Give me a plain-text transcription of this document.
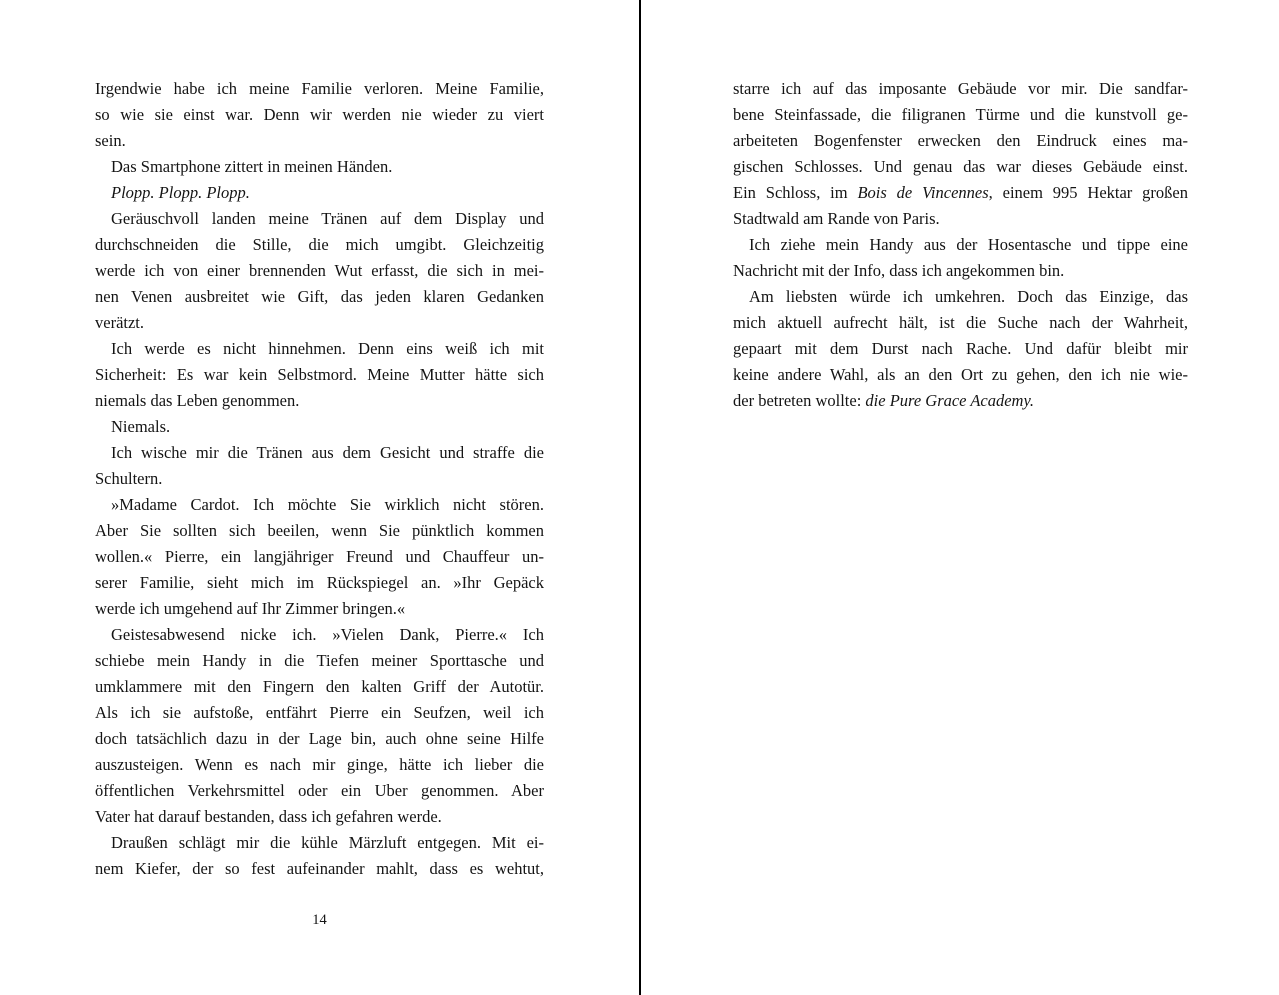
Irgendwie habe ich meine Familie verloren. Meine Familie,
so wie sie einst war. Denn wir werden nie wieder zu viert
sein.
Das Smartphone zittert in meinen Händen.
Plopp. Plopp. Plopp.
Geräuschvoll landen meine Tränen auf dem Display und
durchschneiden die Stille, die mich umgibt. Gleichzeitig
werde ich von einer brennenden Wut erfasst, die sich in mei-
nen Venen ausbreitet wie Gift, das jeden klaren Gedanken
verätzt.
Ich werde es nicht hinnehmen. Denn eins weiß ich mit
Sicherheit: Es war kein Selbstmord. Meine Mutter hätte sich
niemals das Leben genommen.
Niemals.
Ich wische mir die Tränen aus dem Gesicht und straffe die
Schultern.
»Madame Cardot. Ich möchte Sie wirklich nicht stören.
Aber Sie sollten sich beeilen, wenn Sie pünktlich kommen
wollen.« Pierre, ein langjähriger Freund und Chauffeur un-
serer Familie, sieht mich im Rückspiegel an. »Ihr Gepäck
werde ich umgehend auf Ihr Zimmer bringen.«
Geistesabwesend nicke ich. »Vielen Dank, Pierre.« Ich
schiebe mein Handy in die Tiefen meiner Sporttasche und
umklammere mit den Fingern den kalten Griff der Autotür.
Als ich sie aufstoße, entfährt Pierre ein Seufzen, weil ich
doch tatsächlich dazu in der Lage bin, auch ohne seine Hilfe
auszusteigen. Wenn es nach mir ginge, hätte ich lieber die
öffentlichen Verkehrsmittel oder ein Uber genommen. Aber
Vater hat darauf bestanden, dass ich gefahren werde.
Draußen schlägt mir die kühle Märzluft entgegen. Mit ei-
nem Kiefer, der so fest aufeinander mahlt, dass es wehtut,
14
starre ich auf das imposante Gebäude vor mir. Die sandfar-
bene Steinfassade, die filigranen Türme und die kunstvoll ge-
arbeiteten Bogenfenster erwecken den Eindruck eines ma-
gischen Schlosses. Und genau das war dieses Gebäude einst.
Ein Schloss, im Bois de Vincennes, einem 995 Hektar großen
Stadtwald am Rande von Paris.
Ich ziehe mein Handy aus der Hosentasche und tippe eine
Nachricht mit der Info, dass ich angekommen bin.
Am liebsten würde ich umkehren. Doch das Einzige, das
mich aktuell aufrecht hält, ist die Suche nach der Wahrheit,
gepaart mit dem Durst nach Rache. Und dafür bleibt mir
keine andere Wahl, als an den Ort zu gehen, den ich nie wie-
der betreten wollte: die Pure Grace Academy.
